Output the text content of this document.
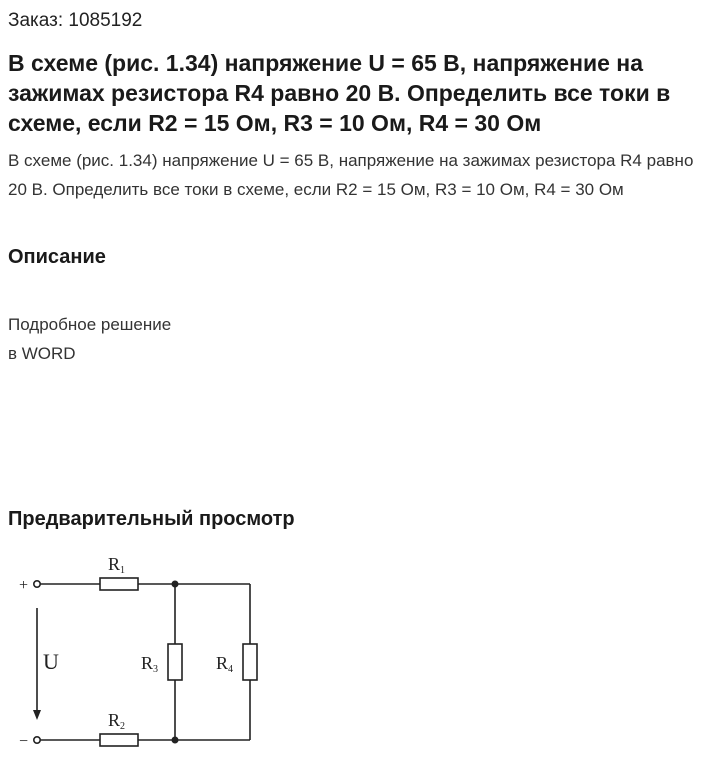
Заказ: 1085192
В схеме (рис. 1.34) напряжение U = 65 В, напряжение на зажимах резистора R4 равно 20 В. Определить все токи в схеме, если R2 = 15 Ом, R3 = 10 Ом, R4 = 30 Ом
В схеме (рис. 1.34) напряжение U = 65 В, напряжение на зажимах резистора R4 равно 20 В. Определить все токи в схеме, если R2 = 15 Ом, R3 = 10 Ом, R4 = 30 Ом
Описание
Подробное решение
в WORD
Предварительный просмотр
+
−
U
R1
R2
R3	R4
